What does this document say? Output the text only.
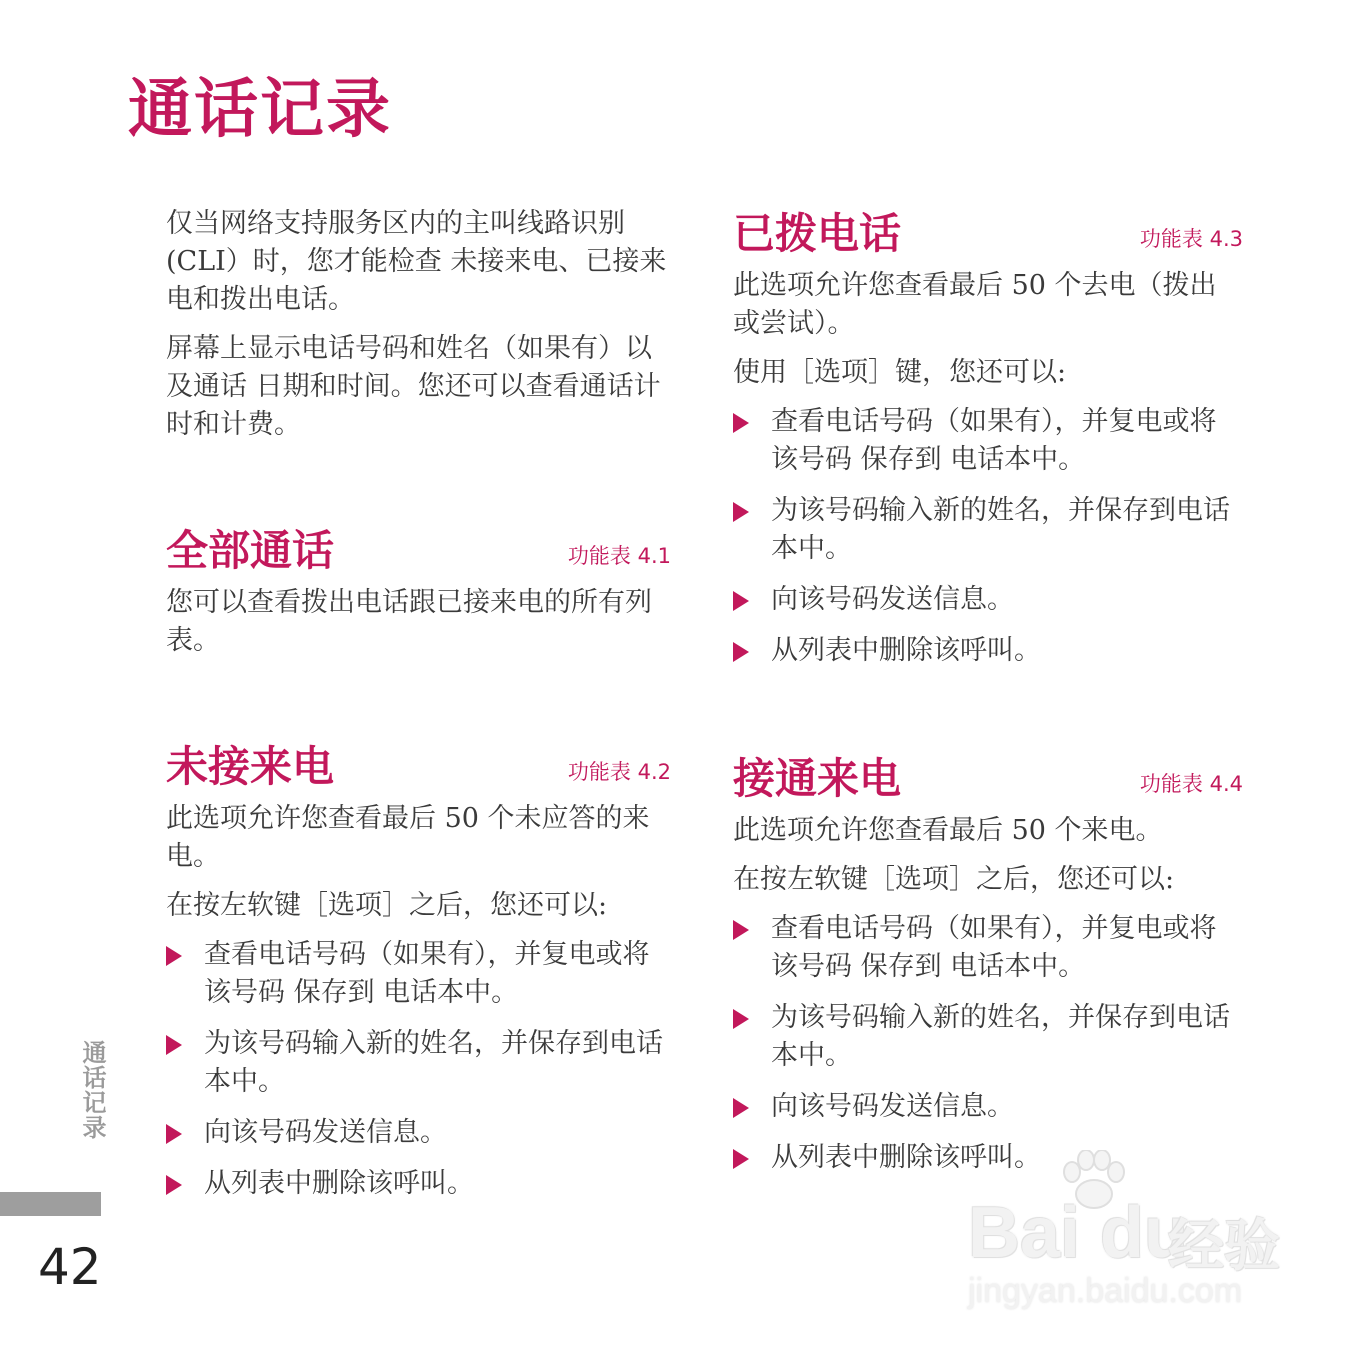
通话记录

仅当网络支持服务区内的主叫线路识别(CLI）时，您才能检查 未接来电、已接来电和拨出电话。

屏幕上显示电话号码和姓名（如果有）以及通话 日期和时间。您还可以查看通话计时和计费。

全部通话	功能表 4.1

您可以查看拨出电话跟已接来电的所有列表。

未接来电	功能表 4.2

此选项允许您查看最后 50 个未应答的来电。

在按左软键［选项］之后，您还可以:

查看电话号码（如果有），并复电或将该号码 保存到 电话本中。
为该号码输入新的姓名，并保存到电话本中。
向该号码发送信息。
从列表中删除该呼叫。
已拨电话	功能表 4.3

此选项允许您查看最后 50 个去电（拨出或尝试）。

使用［选项］键，您还可以:

查看电话号码（如果有），并复电或将该号码 保存到 电话本中。
为该号码输入新的姓名，并保存到电话本中。
向该号码发送信息。
从列表中删除该呼叫。
接通来电	功能表 4.4

此选项允许您查看最后 50 个来电。

在按左软键［选项］之后，您还可以:

查看电话号码（如果有），并复电或将该号码 保存到 电话本中。
为该号码输入新的姓名，并保存到电话本中。
向该号码发送信息。
从列表中删除该呼叫。
通话记录
42	Bai du
经验
jingyan.baidu.com
